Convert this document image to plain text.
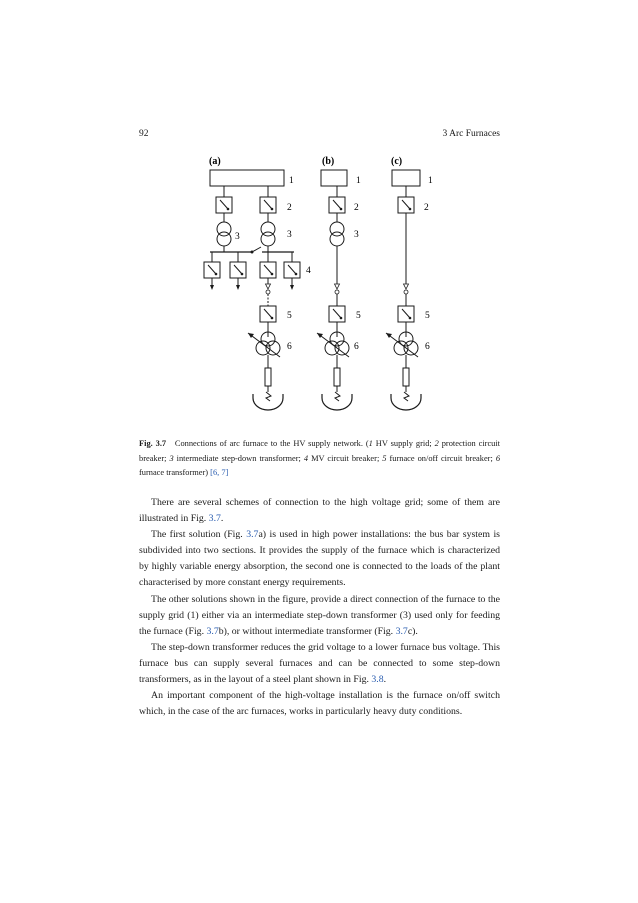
92	3 Arc Furnaces
(a)	(b)	(c)
1
2
3	3
4
5
6
1
2
3
5
6
1
2
5
6
Fig. 3.7 Connections of arc furnace to the HV supply network. (1 HV supply grid; 2 protection circuit breaker; 3 intermediate step-down transformer; 4 MV circuit breaker; 5 furnace on/off circuit breaker; 6 furnace transformer) [6, 7]

There are several schemes of connection to the high voltage grid; some of them are illustrated in Fig. 3.7.

The first solution (Fig. 3.7a) is used in high power installations: the bus bar system is subdivided into two sections. It provides the supply of the furnace which is characterized by highly variable energy absorption, the second one is connected to the loads of the plant characterised by more constant energy requirements.

The other solutions shown in the figure, provide a direct connection of the furnace to the supply grid (1) either via an intermediate step-down transformer (3) used only for feeding the furnace (Fig. 3.7b), or without intermediate transformer (Fig. 3.7c).

The step-down transformer reduces the grid voltage to a lower furnace bus voltage. This furnace bus can supply several furnaces and can be connected to some step-down transformers, as in the layout of a steel plant shown in Fig. 3.8.

An important component of the high-voltage installation is the furnace on/off switch which, in the case of the arc furnaces, works in particularly heavy duty conditions.
